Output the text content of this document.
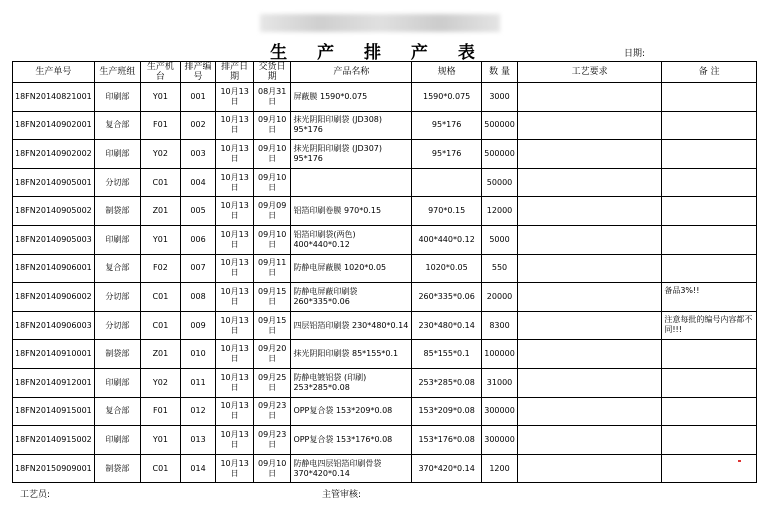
生 产 排 产 表	日期:
生产单号	生产班组	生产机台	排产编号	排产日期	交货日期	产品名称	规格	数 量	工艺要求	备 注
18FN20140821001	印刷部	Y01	001	10月13日	08月31日	屏蔽膜 1590*0.075	1590*0.075	3000		
18FN20140902001	复合部	F01	002	10月13日	09月10日	抹光阴阳印刷袋 (JD308) 95*176	95*176	500000		
18FN20140902002	印刷部	Y02	003	10月13日	09月10日	抹光阴阳印刷袋 (JD307) 95*176	95*176	500000		
18FN20140905001	分切部	C01	004	10月13日	09月10日			50000		
18FN20140905002	制袋部	Z01	005	10月13日	09月09日	铝箔印刷卷膜 970*0.15	970*0.15	12000		
18FN20140905003	印刷部	Y01	006	10月13日	09月10日	铝箔印刷袋(两色) 400*440*0.12	400*440*0.12	5000		
18FN20140906001	复合部	F02	007	10月13日	09月11日	防静电屏蔽膜 1020*0.05	1020*0.05	550		
18FN20140906002	分切部	C01	008	10月13日	09月15日	防静电屏蔽印刷袋 260*335*0.06	260*335*0.06	20000		备品3%!!
18FN20140906003	分切部	C01	009	10月13日	09月15日	四层铝箔印刷袋 230*480*0.14	230*480*0.14	8300		注意每批的编号内容都不同!!!
18FN20140910001	制袋部	Z01	010	10月13日	09月20日	抹光阴阳印刷袋 85*155*0.1	85*155*0.1	100000		
18FN20140912001	印刷部	Y02	011	10月13日	09月25日	防静电镀铝袋 (印刷) 253*285*0.08	253*285*0.08	31000		
18FN20140915001	复合部	F01	012	10月13日	09月23日	OPP复合袋 153*209*0.08	153*209*0.08	300000		
18FN20140915002	印刷部	Y01	013	10月13日	09月23日	OPP复合袋 153*176*0.08	153*176*0.08	300000		
18FN20150909001	制袋部	C01	014	10月13日	09月10日	防静电四层铝箔印刷骨袋 370*420*0.14	370*420*0.14	1200		
工艺员:	主管审核:
